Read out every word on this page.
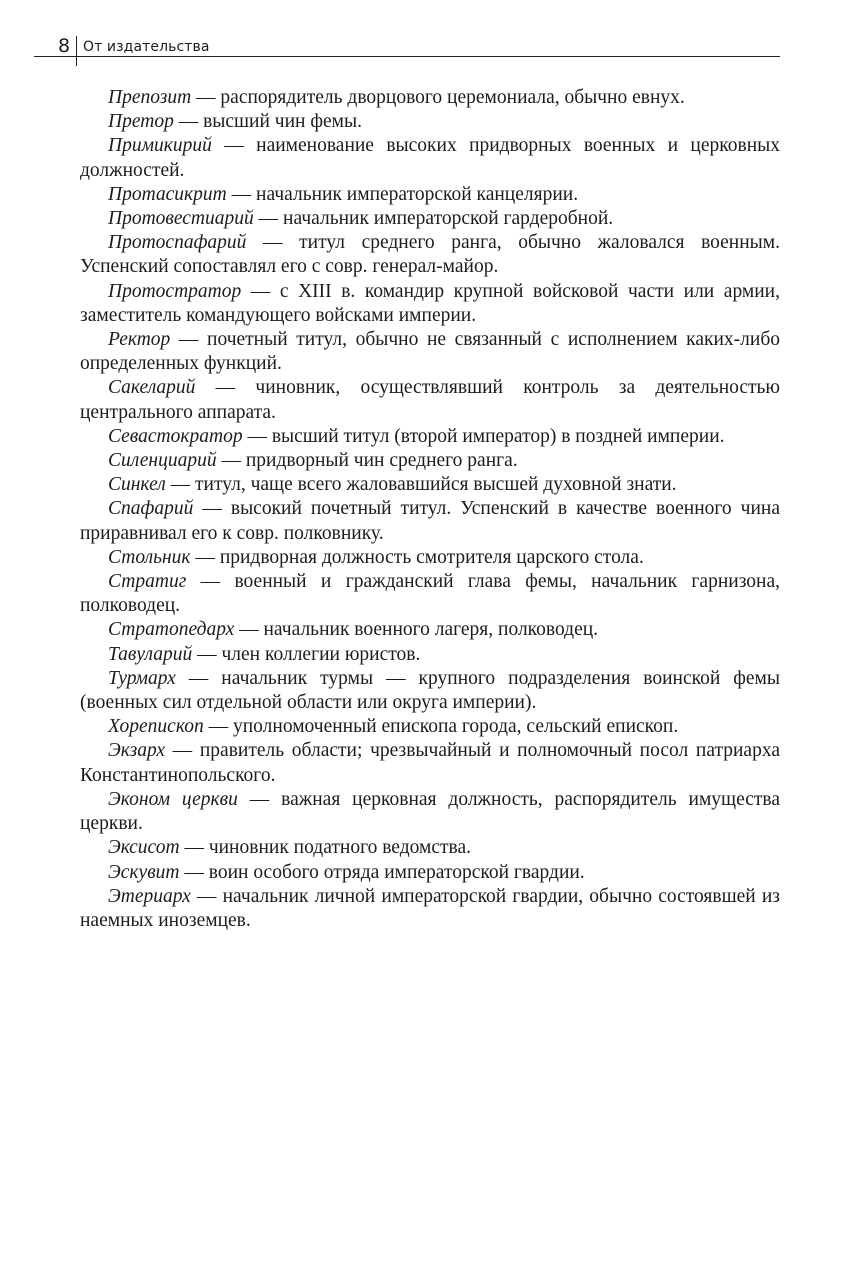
8 От издательства

Препозит — распорядитель дворцового церемониала, обычно евнух.

Претор — высший чин фемы.

Примикирий — наименование высоких придворных военных и церковных должностей.

Протасикрит — начальник императорской канцелярии.

Протовестиарий — начальник императорской гардеробной.

Протоспафарий — титул среднего ранга, обычно жаловался военным. Успенский сопоставлял его с совр. генерал-майор.

Протостратор — с XIII в. командир крупной войсковой части или армии, заместитель командующего войсками империи.

Ректор — почетный титул, обычно не связанный с исполнением каких-либо определенных функций.

Сакеларий — чиновник, осуществлявший контроль за деятельностью центрального аппарата.

Севастократор — высший титул (второй император) в поздней империи.

Силенциарий — придворный чин среднего ранга.

Синкел — титул, чаще всего жаловавшийся высшей духовной знати.

Спафарий — высокий почетный титул. Успенский в качестве военного чина приравнивал его к совр. полковнику.

Стольник — придворная должность смотрителя царского стола.

Стратиг — военный и гражданский глава фемы, начальник гарнизона, полководец.

Стратопедарх — начальник военного лагеря, полководец.

Тавуларий — член коллегии юристов.

Турмарх — начальник турмы — крупного подразделения воинской фемы (военных сил отдельной области или округа империи).

Хорепископ — уполномоченный епископа города, сельский епископ.

Экзарх — правитель области; чрезвычайный и полномочный посол патриарха Константинопольского.

Эконом церкви — важная церковная должность, распорядитель имущества церкви.

Эксисот — чиновник податного ведомства.

Эскувит — воин особого отряда императорской гвардии.

Этериарх — начальник личной императорской гвардии, обычно состоявшей из наемных иноземцев.
